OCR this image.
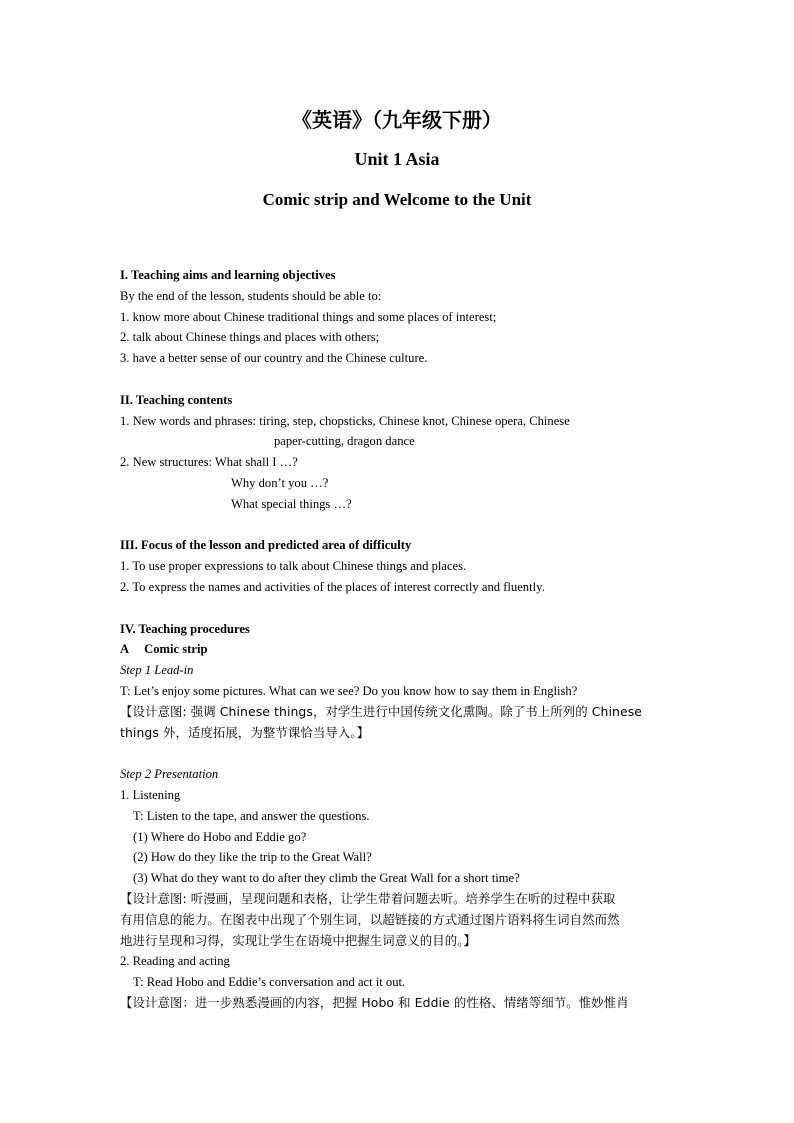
《英语》（九年级下册）
Unit 1 Asia
Comic strip and Welcome to the Unit
I. Teaching aims and learning objectives
By the end of the lesson, students should be able to:
1. know more about Chinese traditional things and some places of interest;
2. talk about Chinese things and places with others;
3. have a better sense of our country and the Chinese culture.
II. Teaching contents
1. New words and phrases: tiring, step, chopsticks, Chinese knot, Chinese opera, Chinese
paper-cutting, dragon dance
2. New structures: What shall I …?
Why don’t you …?
What special things …?
III. Focus of the lesson and predicted area of difficulty
1. To use proper expressions to talk about Chinese things and places.
2. To express the names and activities of the places of interest correctly and fluently.
IV. Teaching procedures
A     Comic strip
Step 1 Lead-in
T: Let’s enjoy some pictures. What can we see? Do you know how to say them in English?
【设计意图: 强调 Chinese things，对学生进行中国传统文化熏陶。除了书上所列的 Chinese
things 外，适度拓展，为整节课恰当导入。】
Step 2 Presentation
1. Listening
T: Listen to the tape, and answer the questions.
(1) Where do Hobo and Eddie go?
(2) How do they like the trip to the Great Wall?
(3) What do they want to do after they climb the Great Wall for a short time?
【设计意图: 听漫画，呈现问题和表格，让学生带着问题去听。培养学生在听的过程中获取
有用信息的能力。在图表中出现了个别生词，以超链接的方式通过图片语料将生词自然而然
地进行呈现和习得，实现让学生在语境中把握生词意义的目的。】
2. Reading and acting
T: Read Hobo and Eddie’s conversation and act it out.
【设计意图：进一步熟悉漫画的内容，把握 Hobo 和 Eddie 的性格、情绪等细节。惟妙惟肖
